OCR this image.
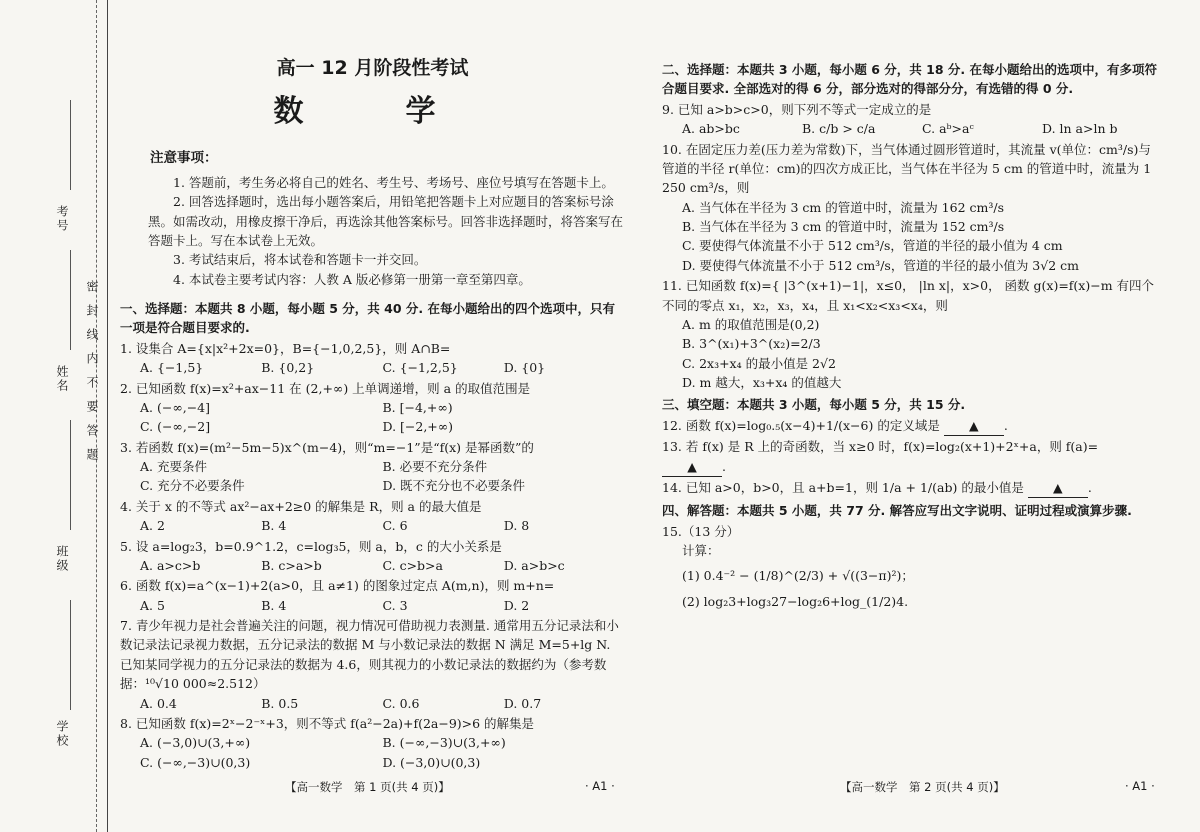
考号
姓名
班级
学校
密封线内不要答题
高一 12 月阶段性考试
数　学
注意事项：

1. 答题前，考生务必将自己的姓名、考生号、考场号、座位号填写在答题卡上。

2. 回答选择题时，选出每小题答案后，用铅笔把答题卡上对应题目的答案标号涂黑。如需改动，用橡皮擦干净后，再选涂其他答案标号。回答非选择题时，将答案写在答题卡上。写在本试卷上无效。

3. 考试结束后，将本试卷和答题卡一并交回。

4. 本试卷主要考试内容：人教 A 版必修第一册第一章至第四章。

一、选择题：本题共 8 小题，每小题 5 分，共 40 分. 在每小题给出的四个选项中，只有一项是符合题目要求的.
1. 设集合 A={x|x²+2x=0}，B={−1,0,2,5}，则 A∩B=
A. {−1,5}	B. {0,2}	C. {−1,2,5}	D. {0}
2. 已知函数 f(x)=x²+ax−11 在 (2,+∞) 上单调递增，则 a 的取值范围是
A. (−∞,−4]	B. [−4,+∞)
C. (−∞,−2]	D. [−2,+∞)
3. 若函数 f(x)=(m²−5m−5)x^(m−4)，则“m=−1”是“f(x) 是幂函数”的
A. 充要条件	B. 必要不充分条件
C. 充分不必要条件	D. 既不充分也不必要条件
4. 关于 x 的不等式 ax²−ax+2≥0 的解集是 R，则 a 的最大值是
A. 2	B. 4	C. 6	D. 8
5. 设 a=log₂3，b=0.9^1.2，c=log₃5，则 a，b，c 的大小关系是
A. a>c>b	B. c>a>b	C. c>b>a	D. a>b>c
6. 函数 f(x)=a^(x−1)+2(a>0，且 a≠1) 的图象过定点 A(m,n)，则 m+n=
A. 5	B. 4	C. 3	D. 2
7. 青少年视力是社会普遍关注的问题，视力情况可借助视力表测量. 通常用五分记录法和小数记录法记录视力数据，五分记录法的数据 M 与小数记录法的数据 N 满足 M=5+lg N. 已知某同学视力的五分记录法的数据为 4.6，则其视力的小数记录法的数据约为（参考数据：¹⁰√10 000≈2.512）
A. 0.4	B. 0.5	C. 0.6	D. 0.7
8. 已知函数 f(x)=2ˣ−2⁻ˣ+3，则不等式 f(a²−2a)+f(2a−9)>6 的解集是
A. (−3,0)∪(3,+∞)	B. (−∞,−3)∪(3,+∞)
C. (−∞,−3)∪(0,3)	D. (−3,0)∪(0,3)
【高一数学　第 1 页(共 4 页)】	· A1 ·
二、选择题：本题共 3 小题，每小题 6 分，共 18 分. 在每小题给出的选项中，有多项符合题目要求. 全部选对的得 6 分，部分选对的得部分分，有选错的得 0 分.
9. 已知 a>b>c>0，则下列不等式一定成立的是
A. ab>bc	B. c/b > c/a	C. aᵇ>aᶜ	D. ln a>ln b
10. 在固定压力差(压力差为常数)下，当气体通过圆形管道时，其流量 v(单位：cm³/s)与管道的半径 r(单位：cm)的四次方成正比，当气体在半径为 5 cm 的管道中时，流量为 1 250 cm³/s，则
A. 当气体在半径为 3 cm 的管道中时，流量为 162 cm³/s
B. 当气体在半径为 3 cm 的管道中时，流量为 152 cm³/s
C. 要使得气体流量不小于 512 cm³/s，管道的半径的最小值为 4 cm
D. 要使得气体流量不小于 512 cm³/s，管道的半径的最小值为 3√2 cm
11. 已知函数 f(x)={ |3^(x+1)−1|，x≤0， |ln x|，x>0， 函数 g(x)=f(x)−m 有四个不同的零点 x₁，x₂，x₃，x₄，且 x₁<x₂<x₃<x₄，则
A. m 的取值范围是(0,2)
B. 3^(x₁)+3^(x₂)=2/3
C. 2x₃+x₄ 的最小值是 2√2
D. m 越大，x₃+x₄ 的值越大
三、填空题：本题共 3 小题，每小题 5 分，共 15 分.
12. 函数 f(x)=log₀.₅(x−4)+1/(x−6) 的定义域是 ▲ .
13. 若 f(x) 是 R 上的奇函数，当 x≥0 时，f(x)=log₂(x+1)+2ˣ+a，则 f(a)= ▲ .
14. 已知 a>0，b>0，且 a+b=1，则 1/a + 1/(ab) 的最小值是 ▲ .
四、解答题：本题共 5 小题，共 77 分. 解答应写出文字说明、证明过程或演算步骤.
15.（13 分）
计算：
(1) 0.4⁻² − (1/8)^(2/3) + √((3−π)²)；
(2) log₂3+log₃27−log₂6+log_(1/2)4.
【高一数学　第 2 页(共 4 页)】	· A1 ·
